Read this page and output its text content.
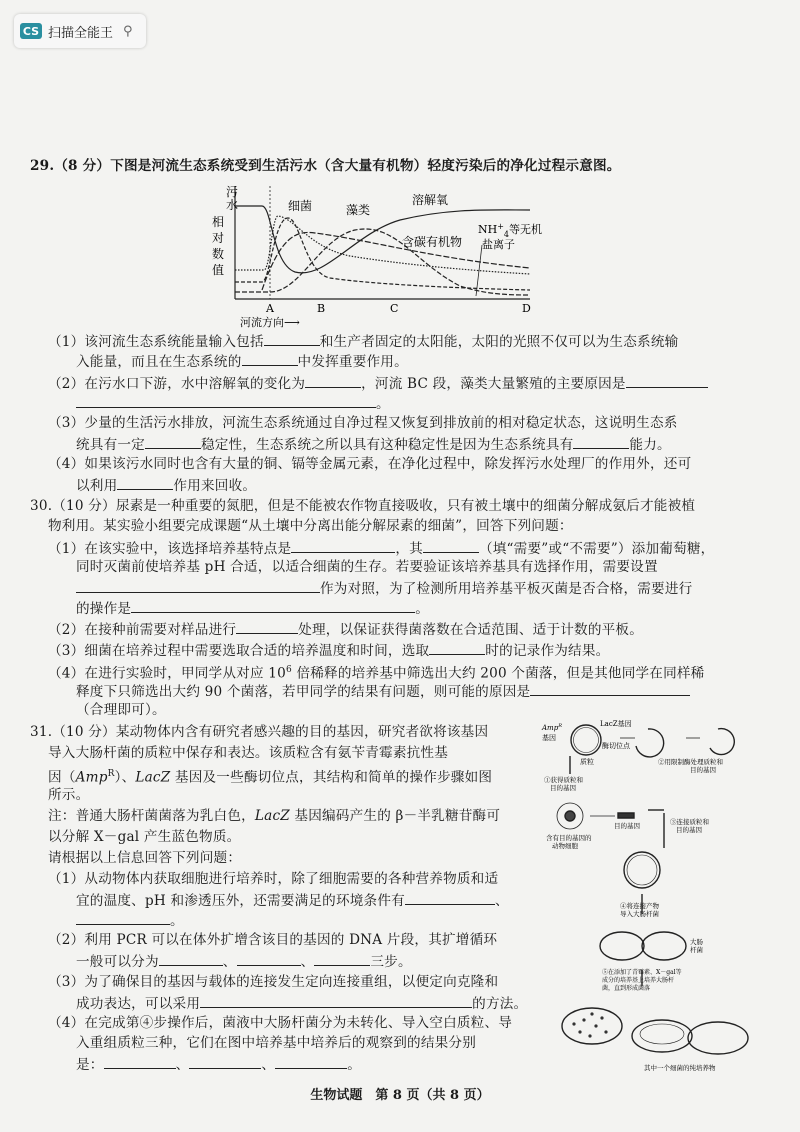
CS 扫描全能王 ⚲
29.（8 分）下图是河流生态系统受到生活污水（含大量有机物）轻度污染后的净化过程示意图。
污
水
相
对
数
值
细菌	藻类
溶解氧
含碳有机物
$NH^+_4$等无机
盐离子
A	B	C	D
河流方向⟶
（1）该河流生态系统能量输入包括	和生产者固定的太阳能，太阳的光照不仅可以为生态系统输
入能量，而且在生态系统的	中发挥重要作用。
（2）在污水口下游，水中溶解氧的变化为	，河流 BC 段，藻类大量繁殖的主要原因是
。
（3）少量的生活污水排放，河流生态系统通过自净过程又恢复到排放前的相对稳定状态，这说明生态系
统具有一定	稳定性，生态系统之所以具有这种稳定性是因为生态系统具有	能力。
（4）如果该污水同时也含有大量的铜、镉等金属元素，在净化过程中，除发挥污水处理厂的作用外，还可
以利用	作用来回收。
30.（10 分）尿素是一种重要的氮肥，但是不能被农作物直接吸收，只有被土壤中的细菌分解成氨后才能被植
物利用。某实验小组要完成课题“从土壤中分离出能分解尿素的细菌”，回答下列问题：
（1）在该实验中，该选择培养基特点是	，其	（填“需要”或“不需要”）添加葡萄糖，
同时灭菌前使培养基 pH 合适，以适合细菌的生存。若要验证该培养基具有选择作用，需要设置
作为对照，为了检测所用培养基平板灭菌是否合格，需要进行
的操作是	。
（2）在接种前需要对样品进行	处理，以保证获得菌落数在合适范围、适于计数的平板。
（3）细菌在培养过程中需要选取合适的培养温度和时间，选取	时的记录作为结果。
（4）在进行实验时，甲同学从对应 $10^6$ 倍稀释的培养基中筛选出大约 200 个菌落，但是其他同学在同样稀
释度下只筛选出大约 90 个菌落，若甲同学的结果有问题，则可能的原因是
（合理即可）。
31.（10 分）某动物体内含有研究者感兴趣的目的基因，研究者欲将该基因
导入大肠杆菌的质粒中保存和表达。该质粒含有氨苄青霉素抗性基
因（Amp$^R$）、LacZ 基因及一些酶切位点，其结构和简单的操作步骤如图
所示。
注：普通大肠杆菌菌落为乳白色，LacZ 基因编码产生的 β－半乳糖苷酶可
以分解 X－gal 产生蓝色物质。
请根据以上信息回答下列问题：
（1）从动物体内获取细胞进行培养时，除了细胞需要的各种营养物质和适
宜的温度、pH 和渗透压外，还需要满足的环境条件有	、
。
（2）利用 PCR 可以在体外扩增含该目的基因的 DNA 片段，其扩增循环
一般可以分为	、	、	三步。
（3）为了确保目的基因与载体的连接发生定向连接重组，以便定向克隆和
成功表达，可以采用	的方法。
（4）在完成第④步操作后，菌液中大肠杆菌分为未转化、导入空白质粒、导
入重组质粒三种，它们在图中培养基中培养后的观察到的结果分别
是：	、	、	。
Amp$^R$
基因
LacZ基因
质粒
酶切位点
①获得质粒和
目的基因
②用限制酶处理质粒和
目的基因
含有目的基因的
动物细胞
目的基因	③连接质粒和
目的基因
④将连接产物
导入大肠杆菌
大肠
杆菌
⑤在添加了青霉素、X－gal等
成分的培养基上培养大肠杆
菌，直到形成菌落
其中一个细菌的纯培养物
生物试题　第 8 页（共 8 页）
